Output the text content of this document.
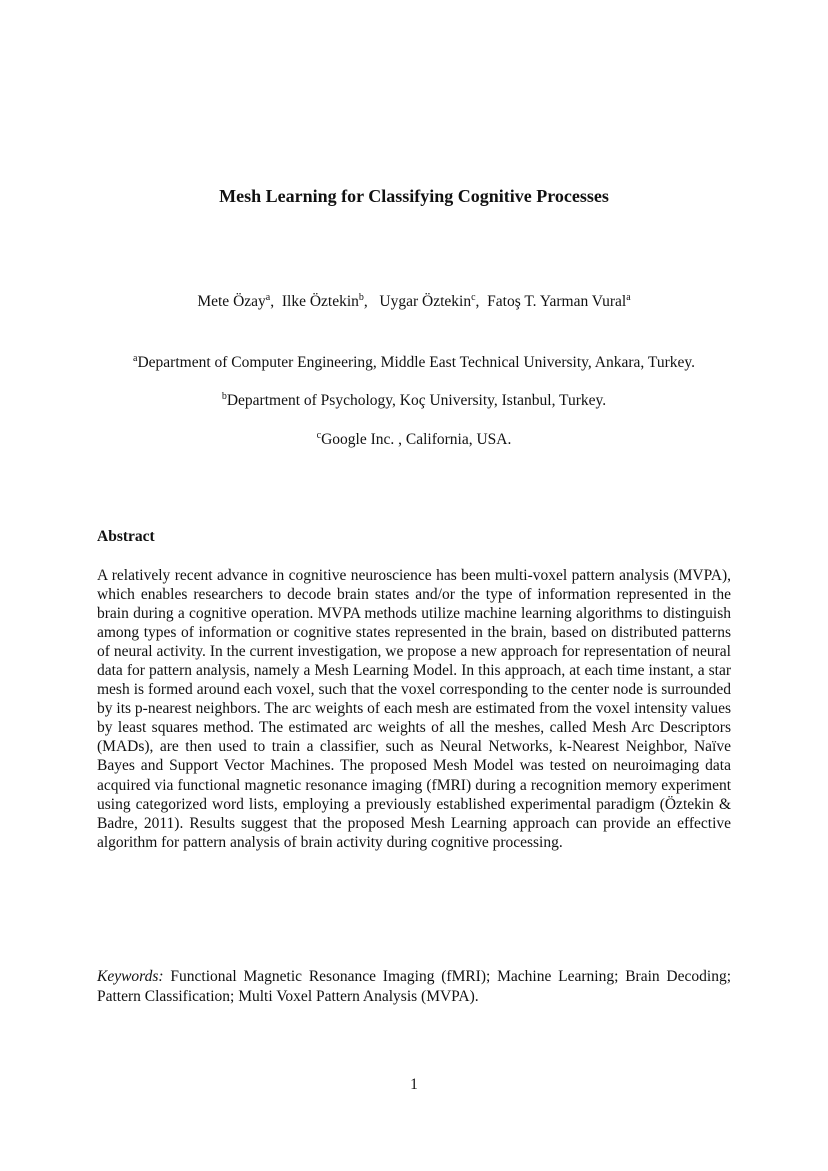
Mesh Learning for Classifying Cognitive Processes
Mete Özay$^a$,  Ilke Öztekin$^b$,   Uygar Öztekin$^c$,  Fatoş T. Yarman Vural$^a$
$^a$Department of Computer Engineering, Middle East Technical University, Ankara, Turkey.
$^b$Department of Psychology, Koç University, Istanbul, Turkey.
$^c$Google Inc. , California, USA.
Abstract

A relatively recent advance in cognitive neuroscience has been multi-voxel pattern analysis (MVPA), which enables researchers to decode brain states and/or the type of information represented in the brain during a cognitive operation. MVPA methods utilize machine learning algorithms to distinguish among types of information or cognitive states represented in the brain, based on distributed patterns of neural activity. In the current investigation, we propose a new approach for representation of neural data for pattern analysis, namely a Mesh Learning Model. In this approach, at each time instant, a star mesh is formed around each voxel, such that the voxel corresponding to the center node is surrounded by its p-nearest neighbors. The arc weights of each mesh are estimated from the voxel intensity values by least squares method. The estimated arc weights of all the meshes, called Mesh Arc Descriptors (MADs), are then used to train a classifier, such as Neural Networks, k-Nearest Neighbor, Naïve Bayes and Support Vector Machines. The proposed Mesh Model was tested on neuroimaging data acquired via functional magnetic resonance imaging (fMRI) during a recognition memory experiment using categorized word lists, employing a previously established experimental paradigm (Öztekin & Badre, 2011). Results suggest that the proposed Mesh Learning approach can provide an effective algorithm for pattern analysis of brain activity during cognitive processing.

Keywords: Functional Magnetic Resonance Imaging (fMRI); Machine Learning; Brain Decoding; Pattern Classification; Multi Voxel Pattern Analysis (MVPA).

1
